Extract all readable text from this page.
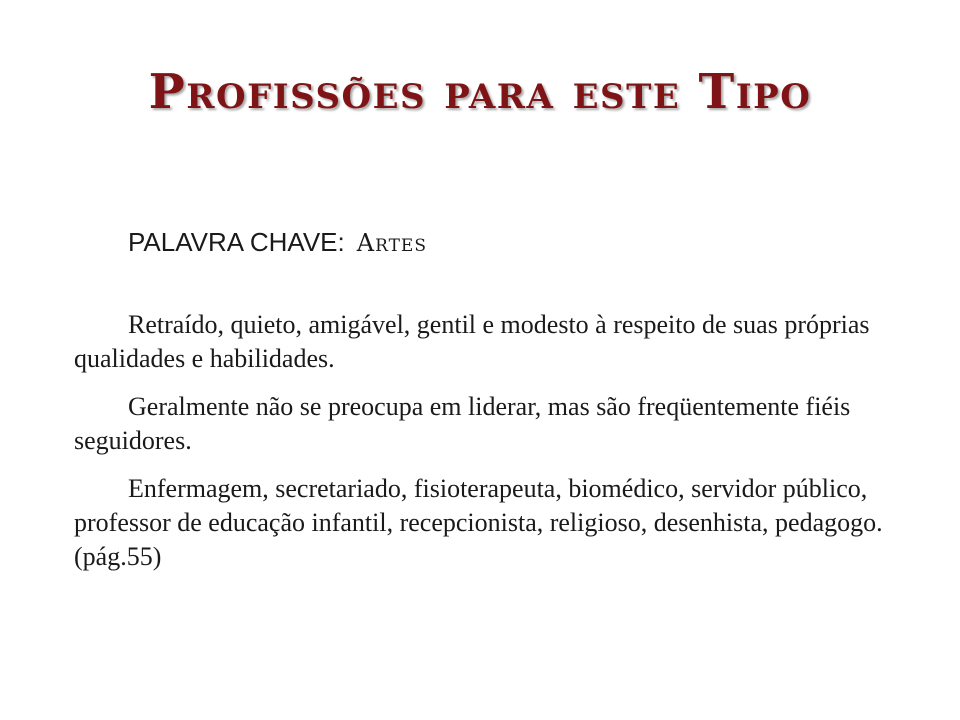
Profissões para este Tipo
PALAVRA CHAVE: Artes

Retraído, quieto, amigável, gentil e modesto à respeito de suas próprias qualidades e habilidades.

Geralmente não se preocupa em liderar, mas são freqüentemente fiéis seguidores.

Enfermagem, secretariado, fisioterapeuta, biomédico, servidor público, professor de educação infantil, recepcionista, religioso, desenhista, pedagogo. (pág.55)
